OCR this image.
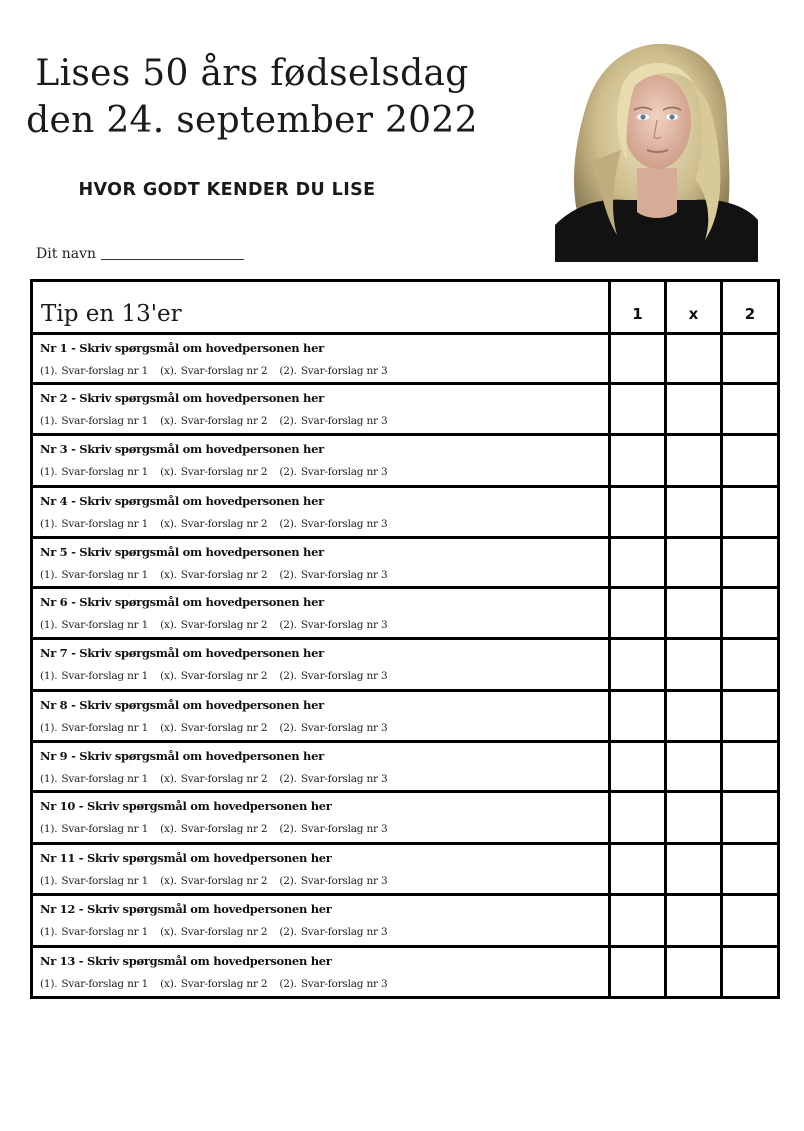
Lises 50 års fødselsdag
den 24. september 2022
HVOR GODT KENDER DU LISE
Dit navn
Tip en 13'er	1	x	2

Nr 1 - Skriv spørgsmål om hovedpersonen her
(1). Svar-forslag nr 1 (x). Svar-forslag nr 2 (2). Svar-forslag nr 3			

Nr 2 - Skriv spørgsmål om hovedpersonen her
(1). Svar-forslag nr 1 (x). Svar-forslag nr 2 (2). Svar-forslag nr 3			

Nr 3 - Skriv spørgsmål om hovedpersonen her
(1). Svar-forslag nr 1 (x). Svar-forslag nr 2 (2). Svar-forslag nr 3			

Nr 4 - Skriv spørgsmål om hovedpersonen her
(1). Svar-forslag nr 1 (x). Svar-forslag nr 2 (2). Svar-forslag nr 3			

Nr 5 - Skriv spørgsmål om hovedpersonen her
(1). Svar-forslag nr 1 (x). Svar-forslag nr 2 (2). Svar-forslag nr 3			

Nr 6 - Skriv spørgsmål om hovedpersonen her
(1). Svar-forslag nr 1 (x). Svar-forslag nr 2 (2). Svar-forslag nr 3			

Nr 7 - Skriv spørgsmål om hovedpersonen her
(1). Svar-forslag nr 1 (x). Svar-forslag nr 2 (2). Svar-forslag nr 3			

Nr 8 - Skriv spørgsmål om hovedpersonen her
(1). Svar-forslag nr 1 (x). Svar-forslag nr 2 (2). Svar-forslag nr 3			

Nr 9 - Skriv spørgsmål om hovedpersonen her
(1). Svar-forslag nr 1 (x). Svar-forslag nr 2 (2). Svar-forslag nr 3			

Nr 10 - Skriv spørgsmål om hovedpersonen her
(1). Svar-forslag nr 1 (x). Svar-forslag nr 2 (2). Svar-forslag nr 3			

Nr 11 - Skriv spørgsmål om hovedpersonen her
(1). Svar-forslag nr 1 (x). Svar-forslag nr 2 (2). Svar-forslag nr 3			

Nr 12 - Skriv spørgsmål om hovedpersonen her
(1). Svar-forslag nr 1 (x). Svar-forslag nr 2 (2). Svar-forslag nr 3			

Nr 13 - Skriv spørgsmål om hovedpersonen her
(1). Svar-forslag nr 1 (x). Svar-forslag nr 2 (2). Svar-forslag nr 3			
